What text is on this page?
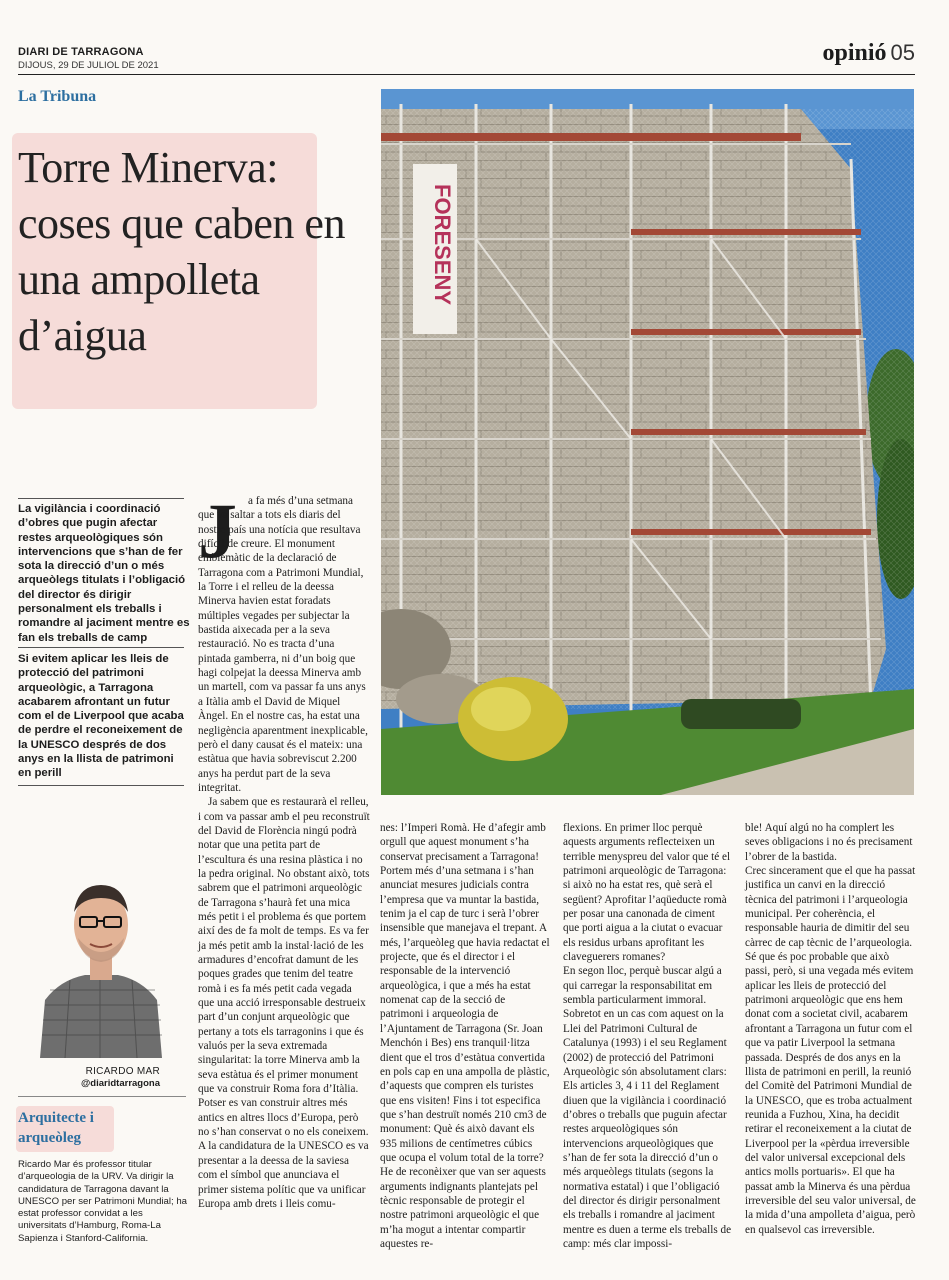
DIARI DE TARRAGONA
DIJOUS, 29 DE JULIOL DE 2021	opinió 05
La Tribuna
Torre Minerva: coses que caben en una ampolleta d’aigua
FORESENY
La vigilància i coordinació d’obres que pugin afectar restes arqueològiques són intervencions que s’han de fer sota la direcció d’un o més arqueòlegs titulats i l’obligació del director és dirigir personalment els treballs i romandre al jaciment mentre es fan els treballs de camp
Si evitem aplicar les lleis de protecció del patrimoni arqueològic, a Tarragona acabarem afrontant un futur com el de Liverpool que acaba de perdre el reconeixement de la UNESCO després de dos anys en la llista de patrimoni en perill
RICARDO MAR
@diaridtarragona
Arquitecte i arqueòleg
Ricardo Mar és professor titular d’arqueologia de la URV. Va dirigir la candidatura de Tarragona davant la UNESCO per ser Patrimoni Mundial; ha estat professor convidat a les universitats d’Hamburg, Roma-La Sapienza i Stanford-California.
J a fa més d’una setmana que va saltar a tots els diaris del nostre país una notícia que resultava difícil de creure. El monument emblemàtic de la declaració de Tarragona com a Patrimoni Mundial, la Torre i el relleu de la deessa Minerva havien estat foradats múltiples vegades per subjectar la bastida aixecada per a la seva restauració. No es tracta d’una pintada gamberra, ni d’un boig que hagi colpejat la deessa Minerva amb un martell, com va passar fa uns anys a Itàlia amb el David de Miquel Àngel. En el nostre cas, ha estat una negligència aparentment inexplicable, però el dany causat és el mateix: una estàtua que havia sobreviscut 2.200 anys ha perdut part de la seva integritat.

Ja sabem que es restaurarà el relleu, i com va passar amb el peu reconstruït del David de Florència ningú podrà notar que una petita part de l’escultura és una resina plàstica i no la pedra original. No obstant això, tots sabrem que el patrimoni arqueològic de Tarragona s’haurà fet una mica més petit i el problema és que portem així des de fa molt de temps. Es va fer ja més petit amb la instal·lació de les armadures d’encofrat damunt de les poques grades que tenim del teatre romà i es fa més petit cada vegada que una acció irresponsable destrueix part d’un conjunt arqueològic que pertany a tots els tarragonins i que és valuós per la seva extremada singularitat: la torre Minerva amb la seva estàtua és el primer monument que va construir Roma fora d’Itàlia. Potser es van construir altres més antics en altres llocs d’Europa, però no s’han conservat o no els coneixem. A la candidatura de la UNESCO es va presentar a la deessa de la saviesa com el símbol que anunciava el primer sistema polític que va unificar Europa amb drets i lleis comu-

nes: l’Imperi Romà. He d’afegir amb orgull que aquest monument s’ha conservat precisament a Tarragona!
Portem més d’una setmana i s’han anunciat mesures judicials contra l’empresa que va muntar la bastida, tenim ja el cap de turc i serà l’obrer insensible que manejava el trepant. A més, l’arqueòleg que havia redactat el projecte, que és el director i el responsable de la intervenció arqueològica, i que a més ha estat nomenat cap de la secció de patrimoni i arqueologia de l’Ajuntament de Tarragona (Sr. Joan Menchón i Bes) ens tranquil·litza dient que el tros d’estàtua convertida en pols cap en una ampolla de plàstic, d’aquests que compren els turistes que ens visiten! Fins i tot especifica que s’han destruït només 210 cm3 de monument: Què és això davant els 935 milions de centímetres cúbics que ocupa el volum total de la torre?
He de reconèixer que van ser aquests arguments indignants plantejats pel tècnic responsable de protegir el nostre patrimoni arqueològic el que m’ha mogut a intentar compartir aquestes re-
flexions. En primer lloc perquè aquests arguments reflecteixen un terrible menyspreu del valor que té el patrimoni arqueològic de Tarragona: si això no ha estat res, què serà el següent? Aprofitar l’aqüeducte romà per posar una canonada de ciment que porti aigua a la ciutat o evacuar els residus urbans aprofitant les claveguerers romanes?
En segon lloc, perquè buscar algú a qui carregar la responsabilitat em sembla particularment immoral. Sobretot en un cas com aquest on la Llei del Patrimoni Cultural de Catalunya (1993) i el seu Reglament (2002) de protecció del Patrimoni Arqueològic són absolutament clars:
Els articles 3, 4 i 11 del Reglament diuen que la vigilància i coordinació d’obres o treballs que puguin afectar restes arqueològiques són intervencions arqueològiques que s’han de fer sota la direcció d’un o més arqueòlegs titulats (segons la normativa estatal) i que l’obligació del director és dirigir personalment els treballs i romandre al jaciment mentre es duen a terme els treballs de camp: més clar impossi-
ble! Aquí algú no ha complert les seves obligacions i no és precisament l’obrer de la bastida.
Crec sincerament que el que ha passat justifica un canvi en la direcció tècnica del patrimoni i l’arqueologia municipal. Per coherència, el responsable hauria de dimitir del seu càrrec de cap tècnic de l’arqueologia. Sé que és poc probable que això passi, però, si una vegada més evitem aplicar les lleis de protecció del patrimoni arqueològic que ens hem donat com a societat civil, acabarem afrontant a Tarragona un futur com el que va patir Liverpool la setmana passada. Després de dos anys en la llista de patrimoni en perill, la reunió del Comitè del Patrimoni Mundial de la UNESCO, que es troba actualment reunida a Fuzhou, Xina, ha decidit retirar el reconeixement a la ciutat de Liverpool per la «pèrdua irreversible del valor universal excepcional dels antics molls portuaris». El que ha passat amb la Minerva és una pèrdua irreversible del seu valor universal, de la mida d’una ampolleta d’aigua, però en qualsevol cas irreversible.
